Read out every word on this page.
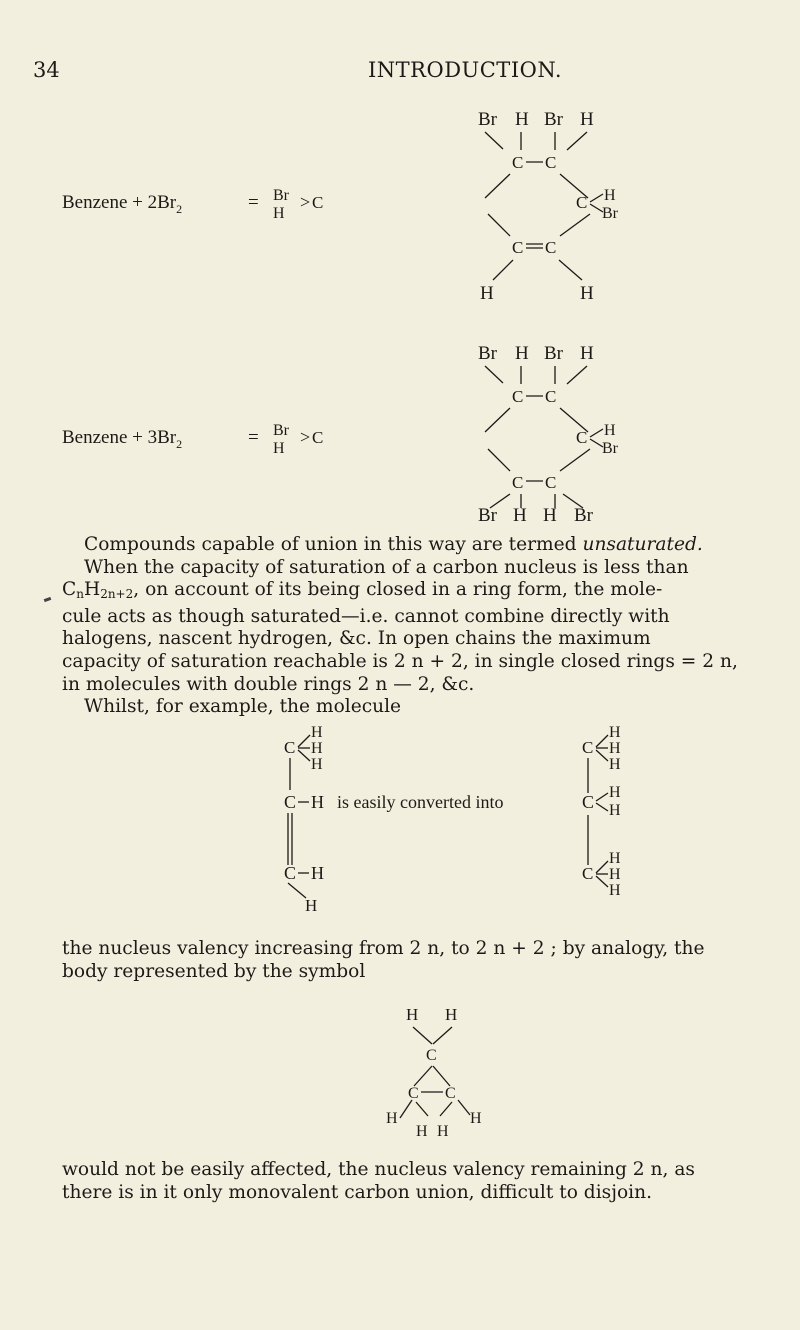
34	INTRODUCTION.
Br H Br H
C C
Benzene + $2Br_2$	= Br
H
> C	C H
Br
C C
H	H
Br H Br H
C C
Benzene + $3Br_2$	= Br
H
> C	C H
Br
C C
Br H H Br

Compounds capable of union in this way are termed unsaturated.

When the capacity of saturation of a carbon nucleus is less than

$C_nH_{2n+2}$, on account of its being closed in a ring form, the mole-

cule acts as though saturated—i.e. cannot combine directly with

halogens, nascent hydrogen, &c. In open chains the maximum

capacity of saturation reachable is 2 n + 2, in single closed rings = 2 n,

in molecules with double rings 2 n — 2, &c.

Whilst, for example, the molecule

C
H
H
H
C H
C H
H
is easily converted into
C
H
H
H
C H
H
C
H
H
H

the nucleus valency increasing from 2 n, to 2 n + 2 ; by analogy, the

body represented by the symbol

H H
C
C C
H	H
H H

would not be easily affected, the nucleus valency remaining 2 n, as

there is in it only monovalent carbon union, difficult to disjoin.
